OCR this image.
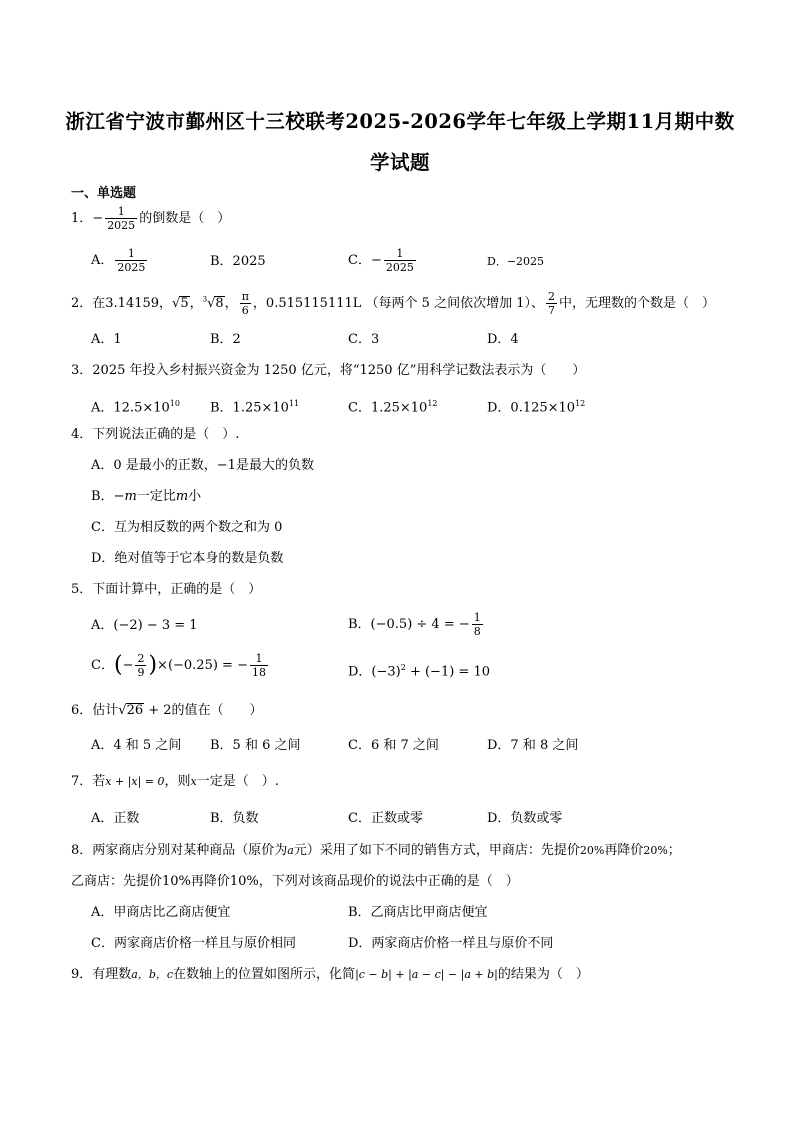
浙江省宁波市鄞州区十三校联考2025-2026学年七年级上学期11月期中数
学试题
一、单选题
1．− $\frac{1}{2025}$ 的倒数是（　）
A． $\frac{1}{2025}$	B．2025	C．− $\frac{1}{2025}$	D．−2025
2．在3.14159，√5，$^3$√8， $\frac{\pi}{6}$ ，0.515115111L （每两个 5 之间依次增加 1）、 $\frac{2}{7}$ 中，无理数的个数是（　）
A．1	B．2	C．3	D．4
3．2025 年投入乡村振兴资金为 1250 亿元，将“1250 亿”用科学记数法表示为（　　）
A．$12.5\times 10^{10}$ B．$1.25\times 10^{11}$	C．$1.25\times 10^{12}$	D．$0.125\times 10^{12}$
4．下列说法正确的是（　）.
A．0 是最小的正数，−1是最大的负数
B．−m一定比m小
C．互为相反数的两个数之和为 0
D．绝对值等于它本身的数是负数
5．下面计算中，正确的是（　）
A．(−2) − 3 = 1	B．(−0.5) ÷ 4 = − $\frac{1}{8}$
C．(− $\frac{2}{9} )\times(-0.25)$ = − $\frac{1}{18}$	D．$(-3)^2 + (-1) = 10$
6．估计√26 + 2的值在（　　）
A．4 和 5 之间 B．5 和 6 之间	C．6 和 7 之间	D．7 和 8 之间
7．若x + |x| = 0，则x一定是（　）.
A．正数	B．负数	C．正数或零	D．负数或零
8．两家商店分别对某种商品（原价为a元）采用了如下不同的销售方式，甲商店：先提价20%再降价20%；
乙商店：先提价10%再降价10%，下列对该商品现价的说法中正确的是（　）
A．甲商店比乙商店便宜	B．乙商店比甲商店便宜
C．两家商店价格一样且与原价相同	D．两家商店价格一样且与原价不同
9．有理数a，b，c在数轴上的位置如图所示，化简|c − b| + |a − c| − |a + b|的结果为（　）
